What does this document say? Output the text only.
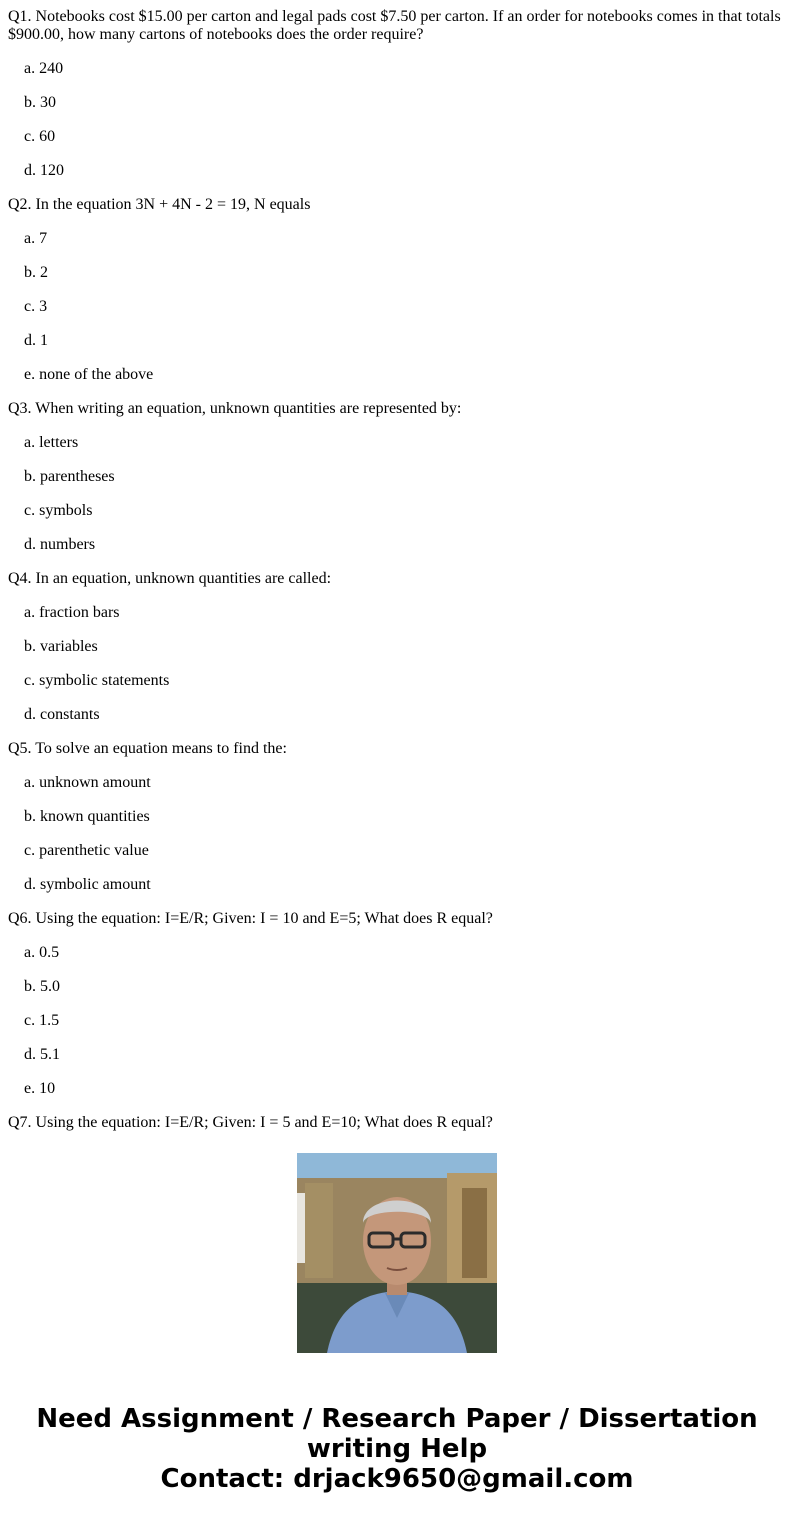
Q1. Notebooks cost $15.00 per carton and legal pads cost $7.50 per carton. If an order for notebooks comes in that totals $900.00, how many cartons of notebooks does the order require?

a. 240
b. 30
c. 60
d. 120

Q2. In the equation 3N + 4N - 2 = 19, N equals

a. 7
b. 2
c. 3
d. 1
e. none of the above

Q3. When writing an equation, unknown quantities are represented by:

a. letters
b. parentheses
c. symbols
d. numbers

Q4. In an equation, unknown quantities are called:

a. fraction bars
b. variables
c. symbolic statements
d. constants

Q5. To solve an equation means to find the:

a. unknown amount
b. known quantities
c. parenthetic value
d. symbolic amount

Q6. Using the equation: I=E/R; Given: I = 10 and E=5; What does R equal?

a. 0.5
b. 5.0
c. 1.5
d. 5.1
e. 10

Q7. Using the equation: I=E/R; Given: I = 5 and E=10; What does R equal?

Need Assignment / Research Paper / Dissertation
writing Help
Contact: drjack9650@gmail.com
